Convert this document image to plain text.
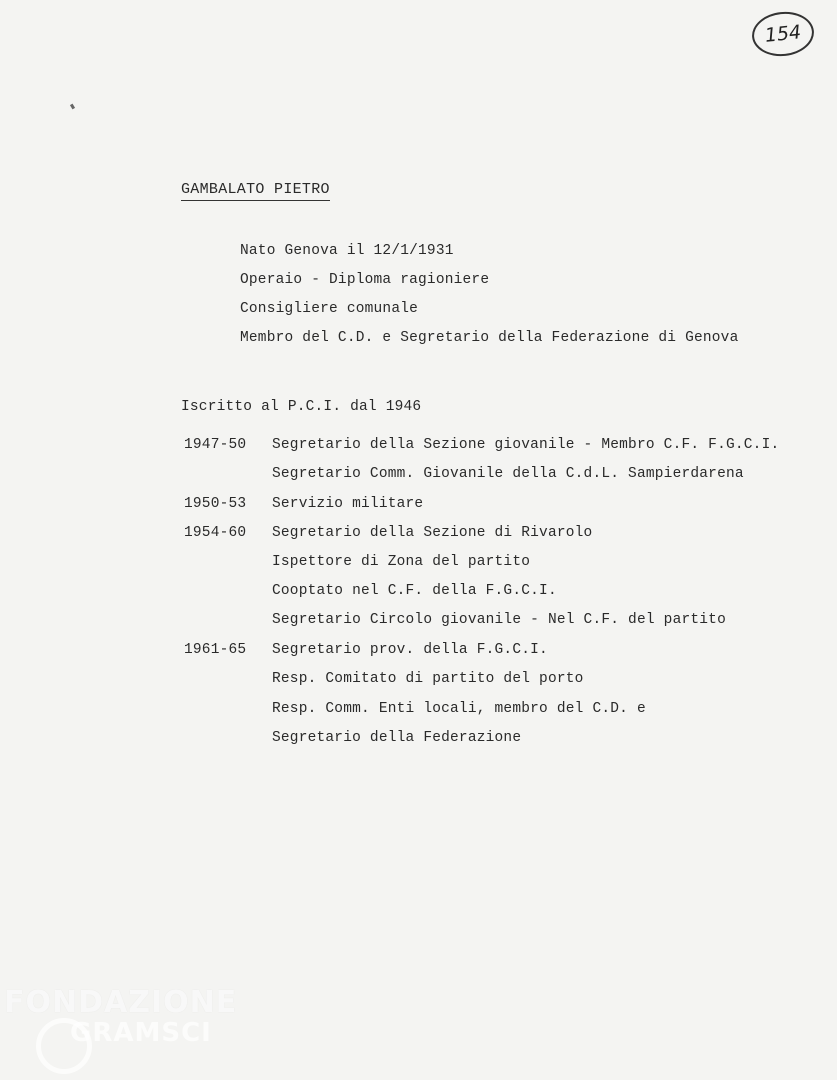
154
GAMBALATO PIETRO
Nato Genova il 12/1/1931
Operaio - Diploma ragioniere
Consigliere comunale
Membro del C.D. e Segretario della Federazione di Genova
Iscritto al P.C.I. dal 1946
1947-50 Segretario della Sezione giovanile - Membro C.F. F.G.C.I.
Segretario Comm. Giovanile della C.d.L. Sampierdarena
1950-53 Servizio militare
1954-60 Segretario della Sezione di Rivarolo
Ispettore di Zona del partito
Cooptato nel C.F. della F.G.C.I.
Segretario Circolo giovanile - Nel C.F. del partito
1961-65 Segretario prov. della F.G.C.I.
Resp. Comitato di partito del porto
Resp. Comm. Enti locali, membro del C.D. e
Segretario della Federazione
FONDAZIONE
GRAMSCI
